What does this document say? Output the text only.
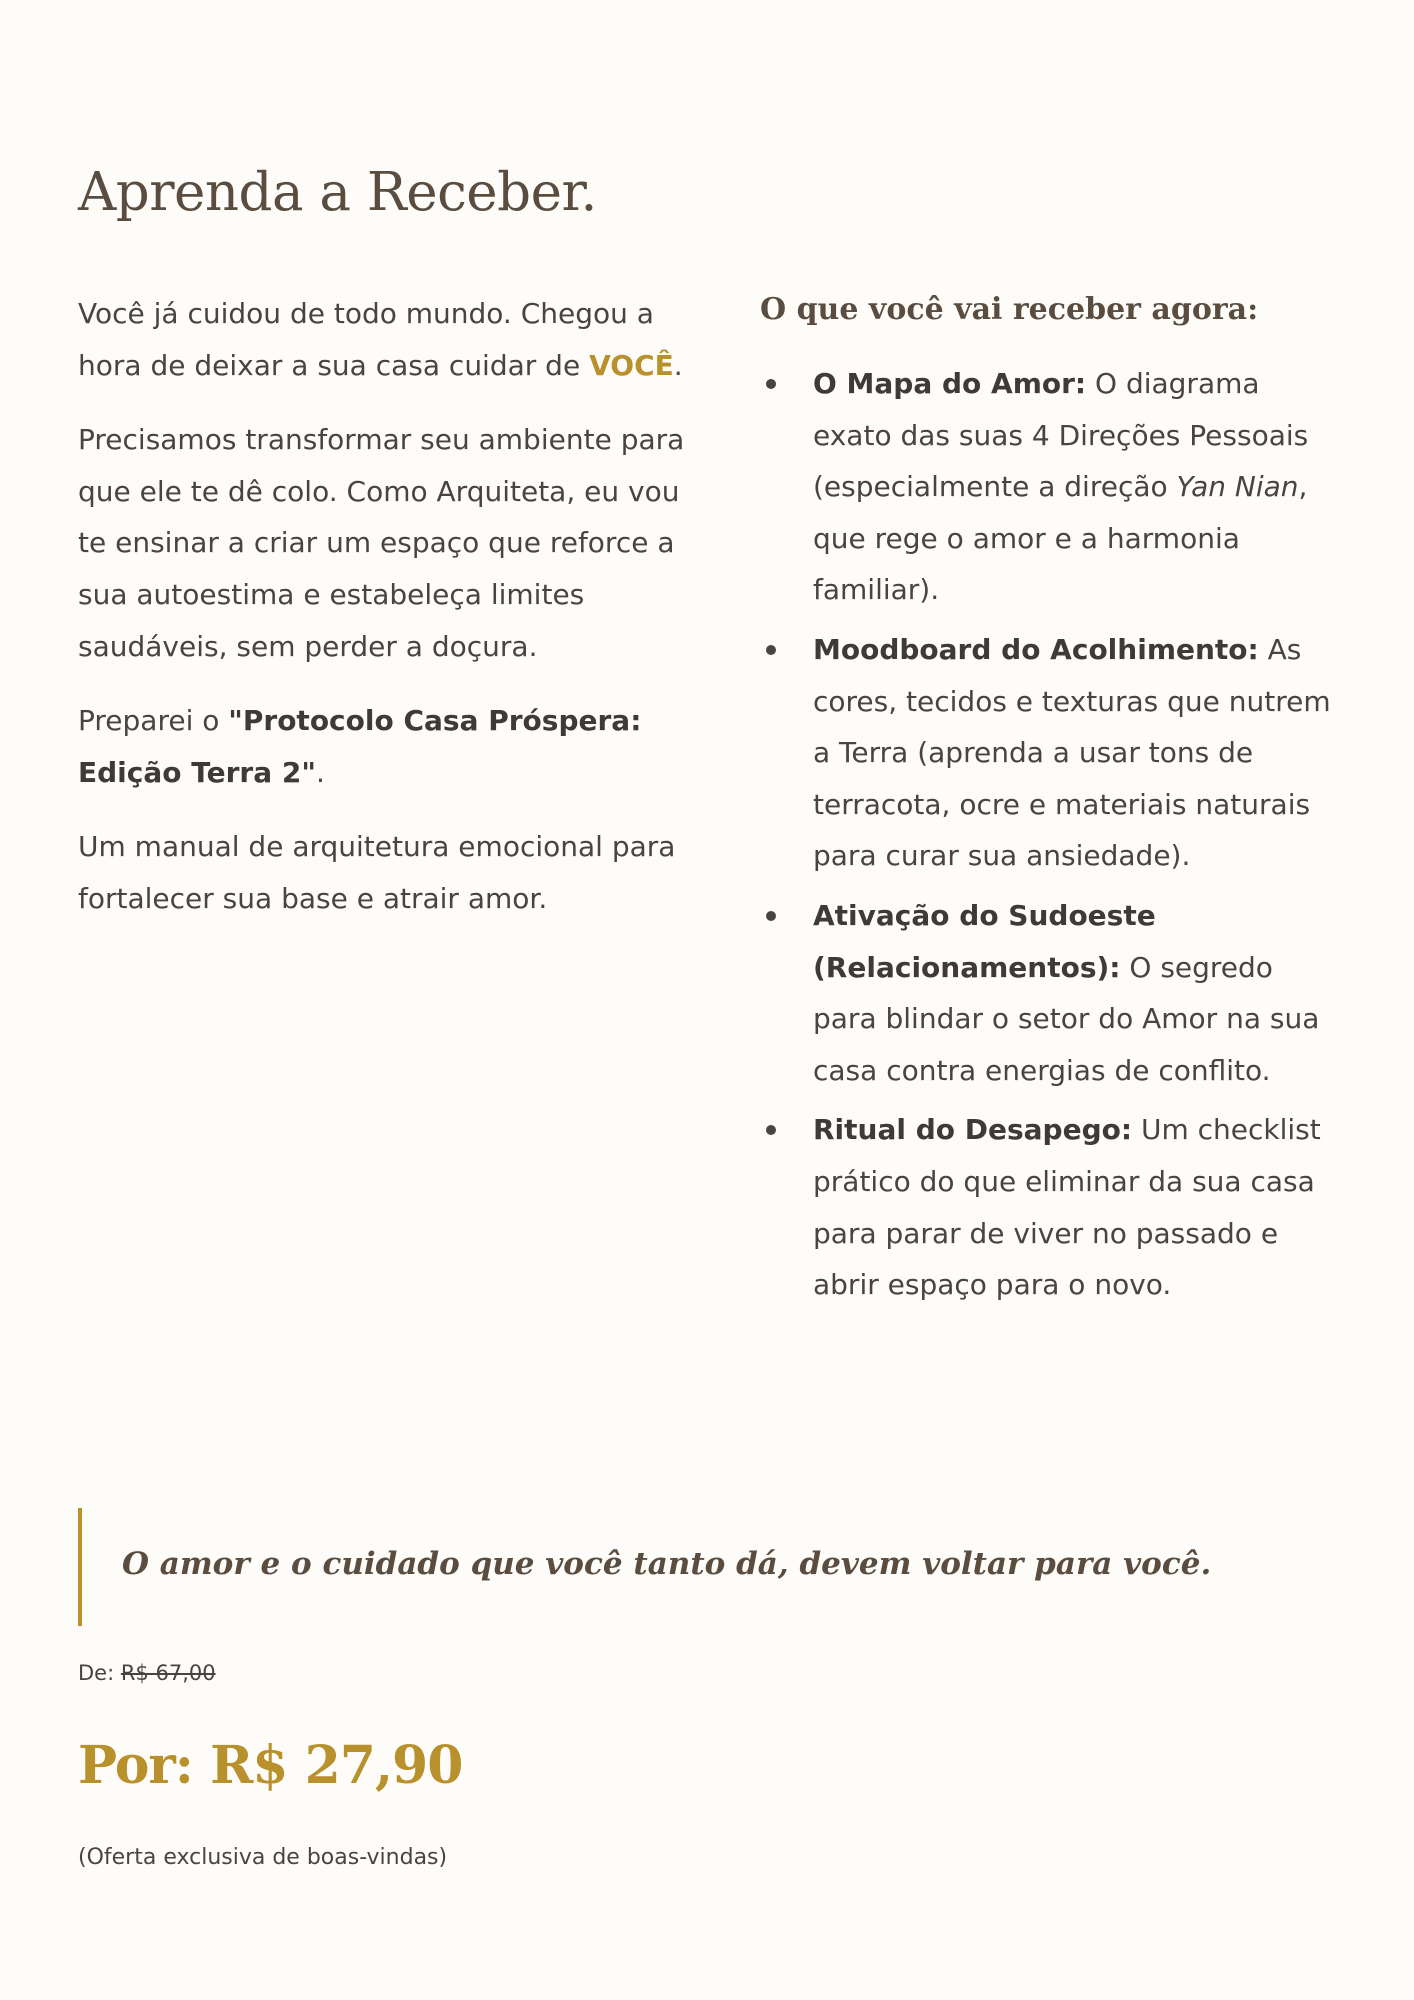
Aprenda a Receber.

Você já cuidou de todo mundo. Chegou a hora de deixar a sua casa cuidar de VOCÊ.

Precisamos transformar seu ambiente para que ele te dê colo. Como Arquiteta, eu vou te ensinar a criar um espaço que reforce a sua autoestima e estabeleça limites saudáveis, sem perder a doçura.

Preparei o "Protocolo Casa Próspera: Edição Terra 2".

Um manual de arquitetura emocional para fortalecer sua base e atrair amor.

O que você vai receber agora:
O Mapa do Amor: O diagrama exato das suas 4 Direções Pessoais (especialmente a direção Yan Nian, que rege o amor e a harmonia familiar).
Moodboard do Acolhimento: As cores, tecidos e texturas que nutrem a Terra (aprenda a usar tons de terracota, ocre e materiais naturais para curar sua ansiedade).
Ativação do Sudoeste (Relacionamentos): O segredo para blindar o setor do Amor na sua casa contra energias de conflito.
Ritual do Desapego: Um checklist prático do que eliminar da sua casa para parar de viver no passado e abrir espaço para o novo.

O amor e o cuidado que você tanto dá, devem voltar para você.

De: R$ 67,00
Por: R$ 27,90
(Oferta exclusiva de boas-vindas)
